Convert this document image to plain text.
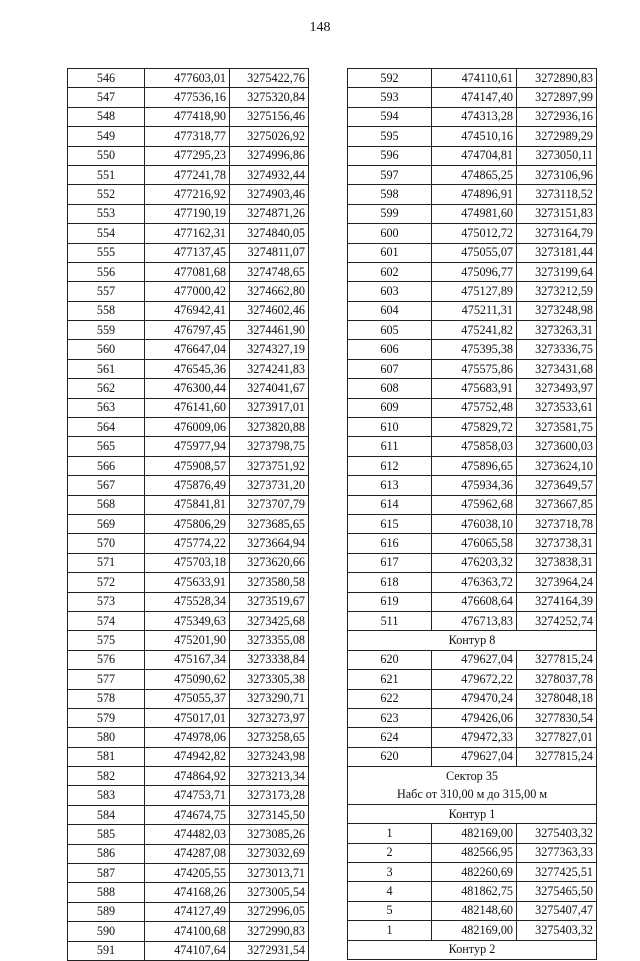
148
546	477603,01	3275422,76
547	477536,16	3275320,84
548	477418,90	3275156,46
549	477318,77	3275026,92
550	477295,23	3274996,86
551	477241,78	3274932,44
552	477216,92	3274903,46
553	477190,19	3274871,26
554	477162,31	3274840,05
555	477137,45	3274811,07
556	477081,68	3274748,65
557	477000,42	3274662,80
558	476942,41	3274602,46
559	476797,45	3274461,90
560	476647,04	3274327,19
561	476545,36	3274241,83
562	476300,44	3274041,67
563	476141,60	3273917,01
564	476009,06	3273820,88
565	475977,94	3273798,75
566	475908,57	3273751,92
567	475876,49	3273731,20
568	475841,81	3273707,79
569	475806,29	3273685,65
570	475774,22	3273664,94
571	475703,18	3273620,66
572	475633,91	3273580,58
573	475528,34	3273519,67
574	475349,63	3273425,68
575	475201,90	3273355,08
576	475167,34	3273338,84
577	475090,62	3273305,38
578	475055,37	3273290,71
579	475017,01	3273273,97
580	474978,06	3273258,65
581	474942,82	3273243,98
582	474864,92	3273213,34
583	474753,71	3273173,28
584	474674,75	3273145,50
585	474482,03	3273085,26
586	474287,08	3273032,69
587	474205,55	3273013,71
588	474168,26	3273005,54
589	474127,49	3272996,05
590	474100,68	3272990,83
591	474107,64	3272931,54
592	474110,61	3272890,83
593	474147,40	3272897,99
594	474313,28	3272936,16
595	474510,16	3272989,29
596	474704,81	3273050,11
597	474865,25	3273106,96
598	474896,91	3273118,52
599	474981,60	3273151,83
600	475012,72	3273164,79
601	475055,07	3273181,44
602	475096,77	3273199,64
603	475127,89	3273212,59
604	475211,31	3273248,98
605	475241,82	3273263,31
606	475395,38	3273336,75
607	475575,86	3273431,68
608	475683,91	3273493,97
609	475752,48	3273533,61
610	475829,72	3273581,75
611	475858,03	3273600,03
612	475896,65	3273624,10
613	475934,36	3273649,57
614	475962,68	3273667,85
615	476038,10	3273718,78
616	476065,58	3273738,31
617	476203,32	3273838,31
618	476363,72	3273964,24
619	476608,64	3274164,39
511	476713,83	3274252,74
Контур 8		
620	479627,04	3277815,24
621	479672,22	3278037,78
622	479470,24	3278048,18
623	479426,06	3277830,54
624	479472,33	3277827,01
620	479627,04	3277815,24
Сектор 35		
Набс от 310,00 м до 315,00 м		
Контур 1		
1	482169,00	3275403,32
2	482566,95	3277363,33
3	482260,69	3277425,51
4	481862,75	3275465,50
5	482148,60	3275407,47
1	482169,00	3275403,32
Контур 2		
